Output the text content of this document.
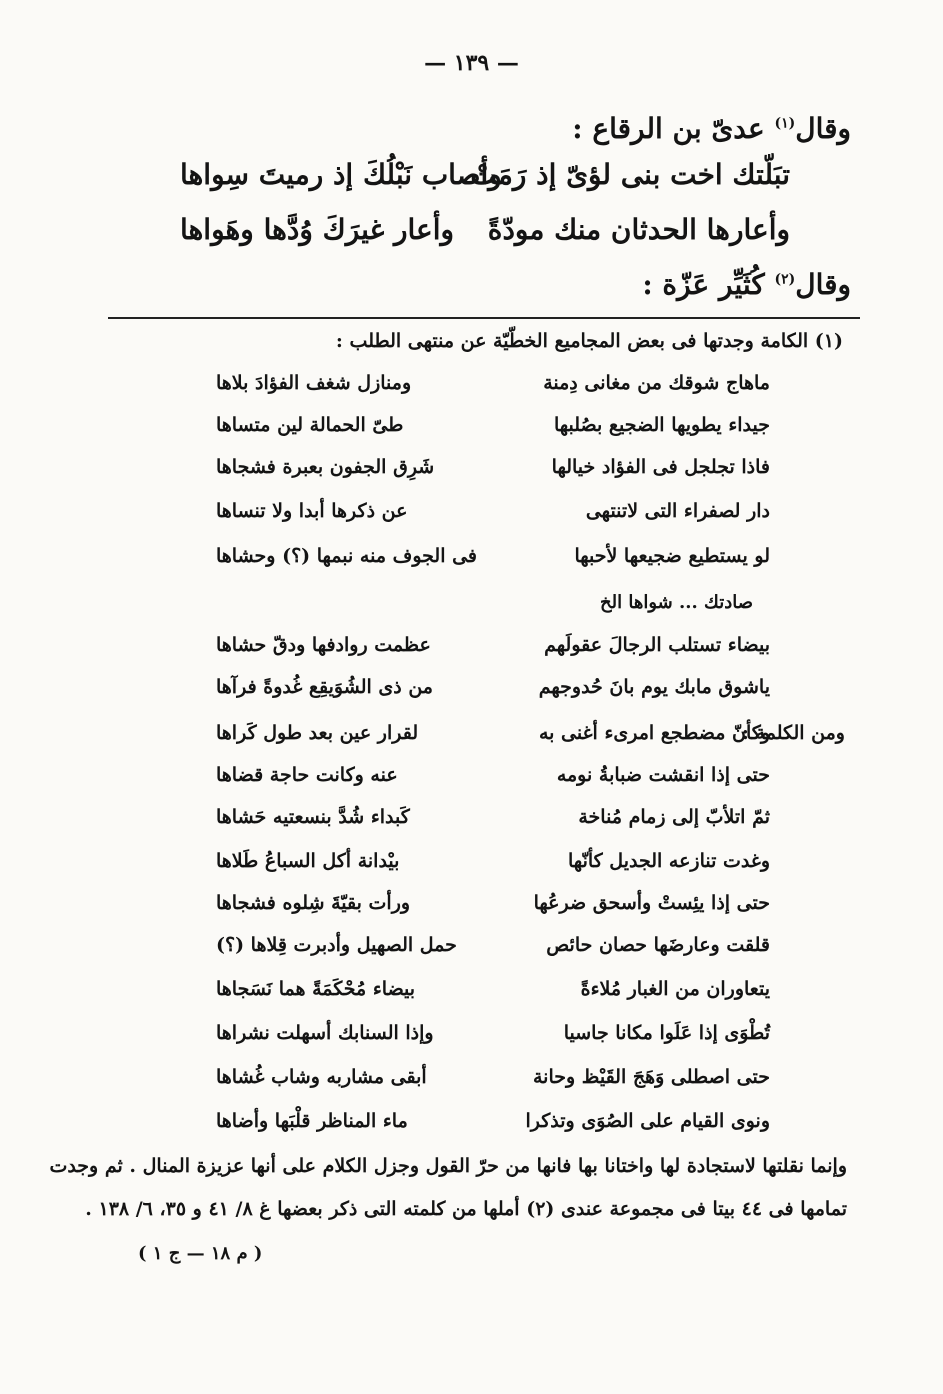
— ١٣٩ —
وقال$^{(١)}$ عدىّ بن الرقاع :
تبَلّتك اخت بنى لؤىّ إذ رَمَتْ
وأصاب نَبْلُكَ إذ رميتَ سِواها
وأعارها الحدثان منك مودّةً
وأعار غيرَكَ وُدَّها وهَواها
وقال$^{(٢)}$ كُثَيِّر عَزّة :
(١) الكامة وجدتها فى بعض المجاميع الخطّيّة عن منتهى الطلب :
ماهاج شوقك من مغانى دِمنة
ومنازل شغف الفؤادَ بلاها
جيداء يطويها الضجيع بصُلبها
طىّ الحمالة لين متساها
فاذا تجلجل فى الفؤاد خيالها
شَرِق الجفون بعبرة فشجاها
دار لصفراء التى لاتنتهى
عن ذكرها أبدا ولا تنساها
لو يستطيع ضجيعها لأحبها
فى الجوف منه نبمها (؟) وحشاها
صادتك ... شواها الخ
بيضاء تستلب الرجالَ عقولَهم
عظمت روادفها ودقّ حشاها
ياشوق مابك يوم بانَ حُدوجهم
من ذى الشُوَيقِع غُدوةً فرآها
ومن الكلمة :
وكأنّ مضطجع امرىء أغنى به
لقرار عين بعد طول كَراها
حتى إذا انقشت ضبابةُ نومه
عنه وكانت حاجة قضاها
ثمّ اتلأبّ إلى زمام مُناخة
كَبداء شُدَّ بنسعتيه حَشاها
وغدت تنازعه الجديل كأنّها
بيْدانة أكل السباعُ طَلاها
حتى إذا يئِستْ وأسحق ضرعُها
ورأت بقيّةَ شِلوه فشجاها
قلقت وعارضَها حصان حائص
حمل الصهيل وأدبرت قِلاها (؟)
يتعاوران من الغبار مُلاءةً
بيضاء مُحْكَمَةً هما نَسَجاها
تُطْوَى إذا عَلَوا مكانا جاسيا
وإذا السنابك أسهلت نشراها
حتى اصطلى وَهَجَ القَيْظ وحانة
أبقى مشاربه وشاب غُشاها
ونوى القيام على الصُوَى وتذكرا
ماء المناظر قلْبَها وأضاها
وإنما نقلتها لاستجادة لها واختانا بها فانها من حرّ القول وجزل الكلام على أنها عزيزة المنال . ثم وجدت
تمامها فى ٤٤ بيتا فى مجموعة عندى (٢) أملها من كلمته التى ذكر بعضها غ ٨/ ٤١ و ٣٥، ٦/ ١٣٨ .
( م ١٨ — ج ١ )
